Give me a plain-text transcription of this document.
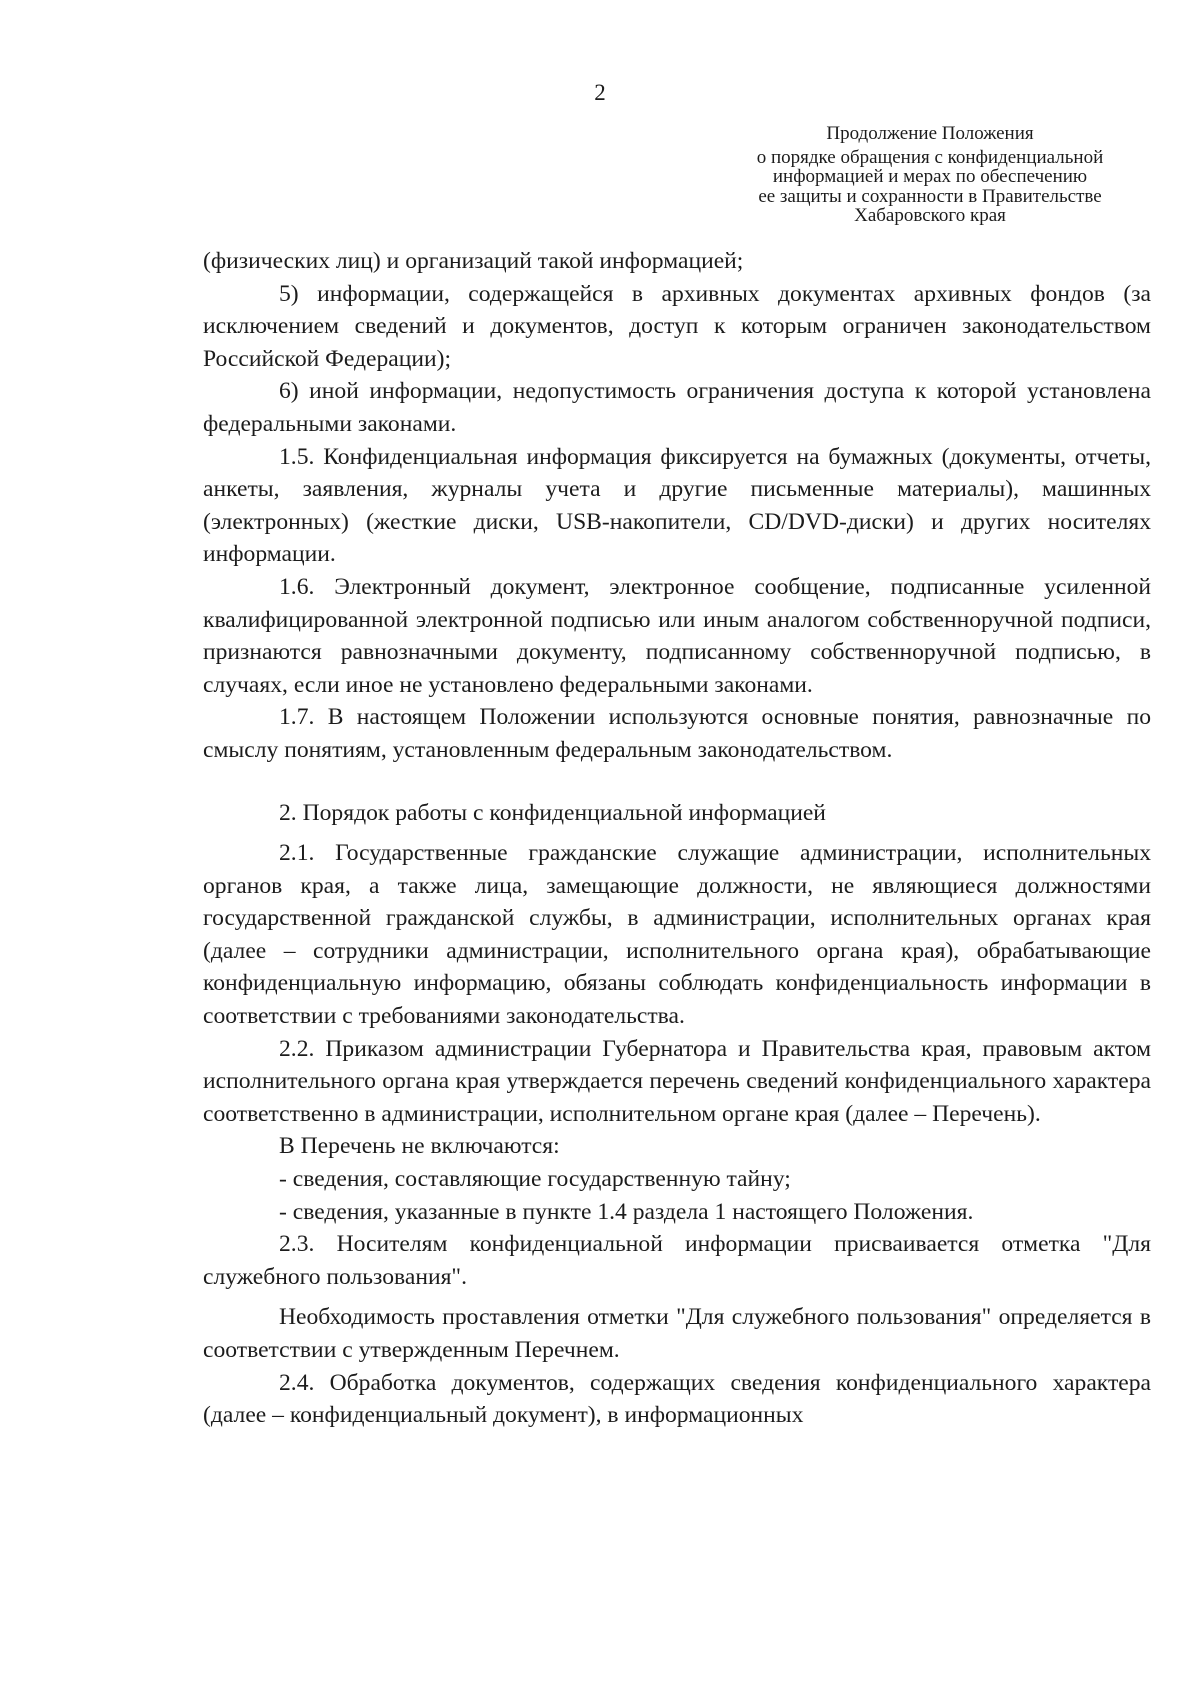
2
Продолжение Положения
о порядке обращения с конфиденциальной
информацией и мерах по обеспечению
ее защиты и сохранности в Правительстве
Хабаровского края

(физических лиц) и организаций такой информацией;

5) информации, содержащейся в архивных документах архивных фондов (за исключением сведений и документов, доступ к которым ограничен законодательством Российской Федерации);

6) иной информации, недопустимость ограничения доступа к которой установлена федеральными законами.

1.5. Конфиденциальная информация фиксируется на бумажных (документы, отчеты, анкеты, заявления, журналы учета и другие письменные материалы), машинных (электронных) (жесткие диски, USB-накопители, CD/DVD-диски) и других носителях информации.

1.6. Электронный документ, электронное сообщение, подписанные усиленной квалифицированной электронной подписью или иным аналогом собственноручной подписи, признаются равнозначными документу, подписанному собственноручной подписью, в случаях, если иное не установлено федеральными законами.

1.7. В настоящем Положении используются основные понятия, равнозначные по смыслу понятиям, установленным федеральным законодательством.

2. Порядок работы с конфиденциальной информацией

2.1. Государственные гражданские служащие администрации, исполнительных органов края, а также лица, замещающие должности, не являющиеся должностями государственной гражданской службы, в администрации, исполнительных органах края (далее – сотрудники администрации, исполнительного органа края), обрабатывающие конфиденциальную информацию, обязаны соблюдать конфиденциальность информации в соответствии с требованиями законодательства.

2.2. Приказом администрации Губернатора и Правительства края, правовым актом исполнительного органа края утверждается перечень сведений конфиденциального характера соответственно в администрации, исполнительном органе края (далее – Перечень).

В Перечень не включаются:

- сведения, составляющие государственную тайну;

- сведения, указанные в пункте 1.4 раздела 1 настоящего Положения.

2.3. Носителям конфиденциальной информации присваивается отметка "Для служебного пользования".

Необходимость проставления отметки "Для служебного пользования" определяется в соответствии с утвержденным Перечнем.

2.4. Обработка документов, содержащих сведения конфиденциального характера (далее – конфиденциальный документ), в информационных
